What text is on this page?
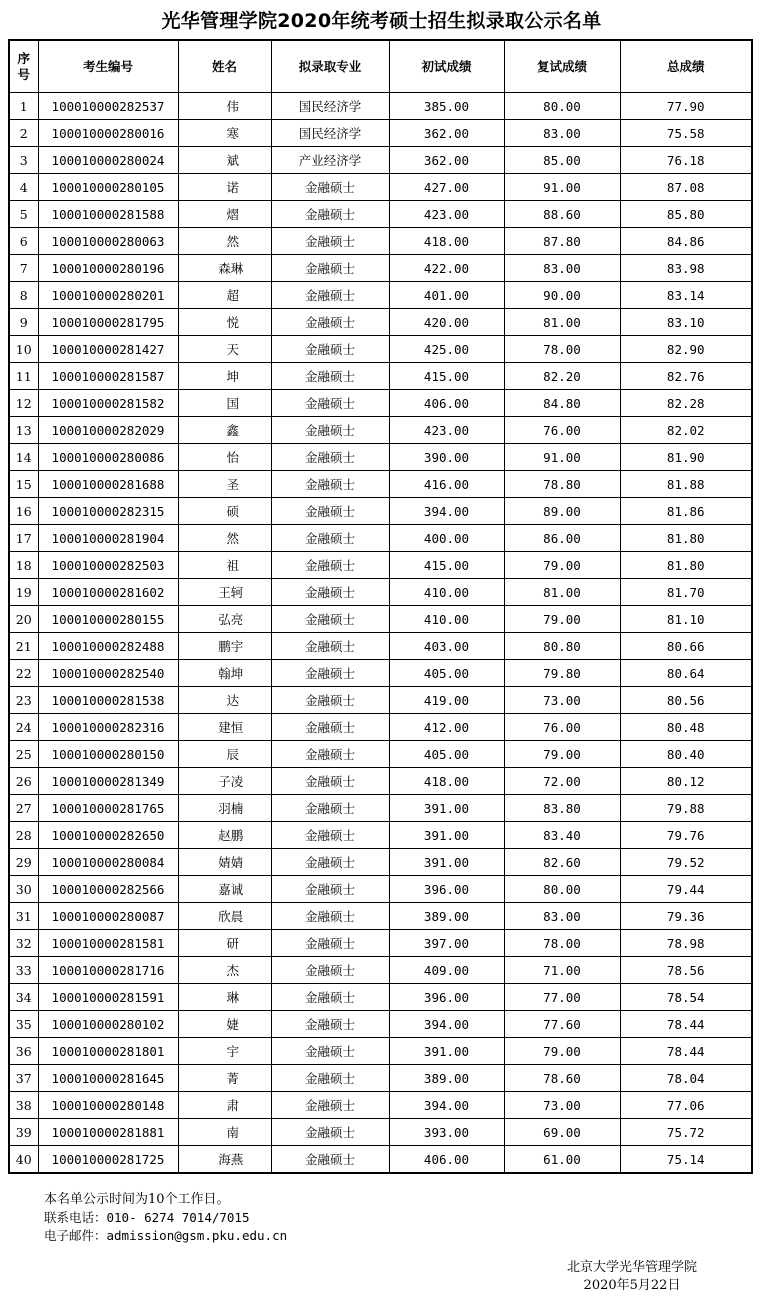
光华管理学院2020年统考硕士招生拟录取公示名单
序号	考生编号	姓名	拟录取专业	初试成绩	复试成绩	总成绩
1	100010000282537	　 伟	国民经济学	385.00	80.00	77.90
2	100010000280016	　 寒	国民经济学	362.00	83.00	75.58
3	100010000280024	　 斌	产业经济学	362.00	85.00	76.18
4	100010000280105	　 诺	金融硕士	427.00	91.00	87.08
5	100010000281588	　 熠	金融硕士	423.00	88.60	85.80
6	100010000280063	　 然	金融硕士	418.00	87.80	84.86
7	100010000280196	　森琳	金融硕士	422.00	83.00	83.98
8	100010000280201	　 超	金融硕士	401.00	90.00	83.14
9	100010000281795	　 悦	金融硕士	420.00	81.00	83.10
10	100010000281427	　 天	金融硕士	425.00	78.00	82.90
11	100010000281587	　 坤	金融硕士	415.00	82.20	82.76
12	100010000281582	　 国	金融硕士	406.00	84.80	82.28
13	100010000282029	　 鑫	金融硕士	423.00	76.00	82.02
14	100010000280086	　 怡	金融硕士	390.00	91.00	81.90
15	100010000281688	　 圣	金融硕士	416.00	78.80	81.88
16	100010000282315	　 硕	金融硕士	394.00	89.00	81.86
17	100010000281904	　 然	金融硕士	400.00	86.00	81.80
18	100010000282503	　 祖	金融硕士	415.00	79.00	81.80
19	100010000281602	　王轲	金融硕士	410.00	81.00	81.70
20	100010000280155	　弘亮	金融硕士	410.00	79.00	81.10
21	100010000282488	　鹏宇	金融硕士	403.00	80.80	80.66
22	100010000282540	　翰坤	金融硕士	405.00	79.80	80.64
23	100010000281538	　 达	金融硕士	419.00	73.00	80.56
24	100010000282316	　建恒	金融硕士	412.00	76.00	80.48
25	100010000280150	　 辰	金融硕士	405.00	79.00	80.40
26	100010000281349	　子凌	金融硕士	418.00	72.00	80.12
27	100010000281765	　羽楠	金融硕士	391.00	83.80	79.88
28	100010000282650	　赵鹏	金融硕士	391.00	83.40	79.76
29	100010000280084	　婧婧	金融硕士	391.00	82.60	79.52
30	100010000282566	　嘉诚	金融硕士	396.00	80.00	79.44
31	100010000280087	　欣晨	金融硕士	389.00	83.00	79.36
32	100010000281581	　 研	金融硕士	397.00	78.00	78.98
33	100010000281716	　 杰	金融硕士	409.00	71.00	78.56
34	100010000281591	　 琳	金融硕士	396.00	77.00	78.54
35	100010000280102	　 婕	金融硕士	394.00	77.60	78.44
36	100010000281801	　 宇	金融硕士	391.00	79.00	78.44
37	100010000281645	　 菁	金融硕士	389.00	78.60	78.04
38	100010000280148	　 肃	金融硕士	394.00	73.00	77.06
39	100010000281881	　 南	金融硕士	393.00	69.00	75.72
40	100010000281725	　海燕	金融硕士	406.00	61.00	75.14
本名单公示时间为10个工作日。
联系电话：010- 6274 7014/7015
电子邮件：admission@gsm.pku.edu.cn
北京大学光华管理学院
2020年5月22日
